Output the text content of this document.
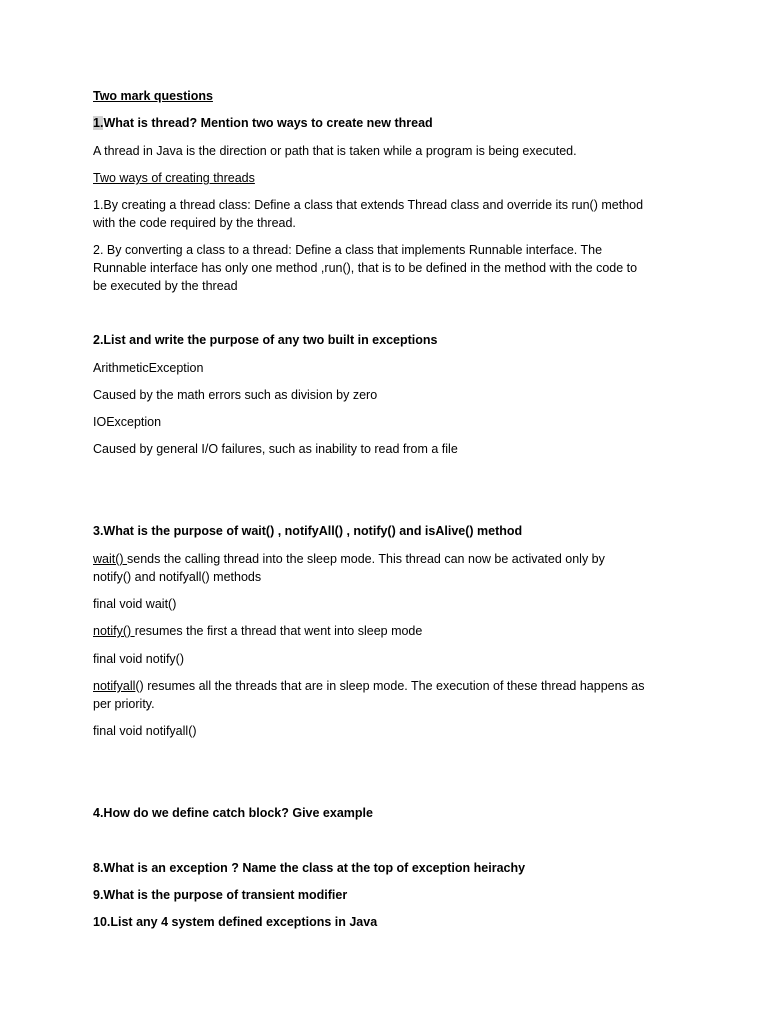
Two mark questions
1.What is thread? Mention two ways to create new thread
A thread in Java is the direction or path that is taken while a program is being executed.
Two ways of creating threads
1.By creating a thread class: Define a class that extends Thread class and override its run() method
with the code required by the thread.
2. By converting a class to a thread: Define a class that implements Runnable interface. The
Runnable interface has only one method ,run(), that is to be defined in the method with the code to
be executed by the thread
2.List and write the purpose of any two built in exceptions
ArithmeticException
Caused by the math errors such as division by zero
IOException
Caused by general I/O failures, such as inability to read from a file
3.What is the purpose of wait() , notifyAll() , notify() and isAlive() method
wait() sends the calling thread into the sleep mode. This thread can now be activated only by
notify() and notifyall() methods
final void wait()
notify() resumes the first a thread that went into sleep mode
final void notify()
notifyall() resumes all the threads that are in sleep mode. The execution of these thread happens as
per priority.
final void notifyall()
4.How do we define catch block? Give example
8.What is an exception ? Name the class at the top of exception heirachy
9.What is the purpose of transient modifier
10.List any 4 system defined exceptions in Java
